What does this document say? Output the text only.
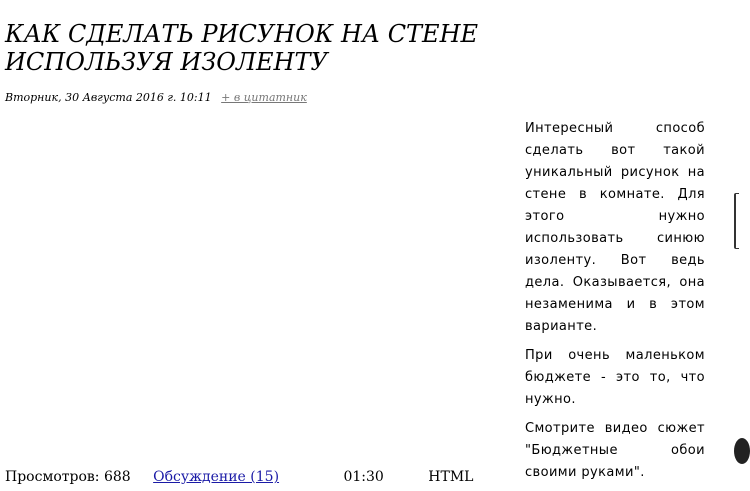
КАК СДЕЛАТЬ РИСУНОК НА СТЕНЕ ИСПОЛЬЗУЯ ИЗОЛЕНТУ
Вторник, 30 Августа 2016 г. 10:11 + в цитатник

Интересный способ сделать вот такой уникальный рисунок на стене в комнате. Для этого нужно использовать синюю изоленту. Вот ведь дела. Оказывается, она незаменима и в этом варианте.

При очень маленьком бюджете - это то, что нужно.

Смотрите видео сюжет "Бюджетные обои своими руками".

Просмотров: 688 Обсуждение (15)	01:30	HTML
